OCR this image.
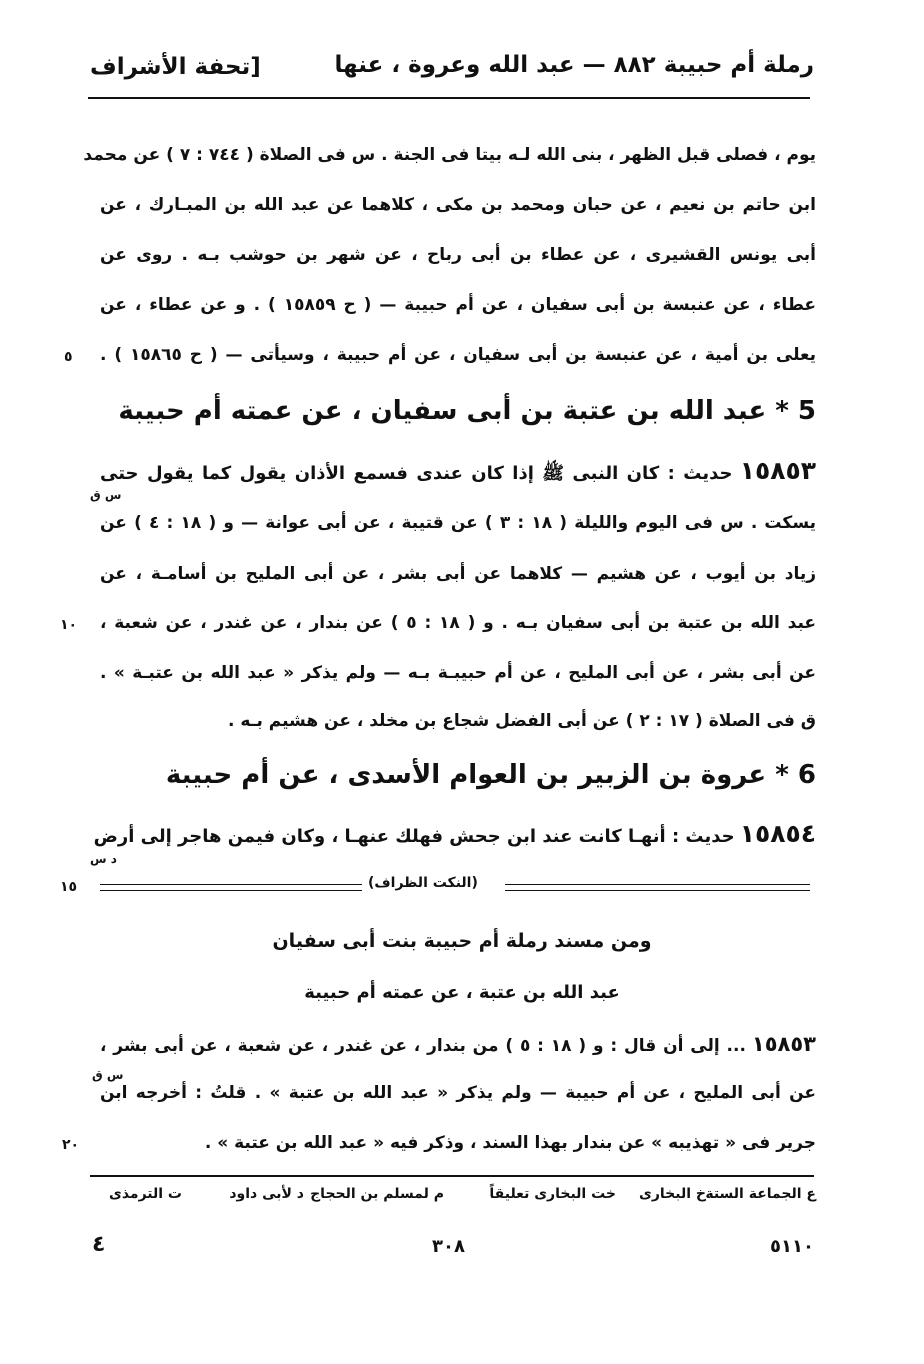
رملة أم حبيبة ٨٨٢ — عبد الله وعروة ، عنها
[تحفة الأشراف
يوم ، فصلى قبل الظهر ، بنى الله لـه بيتا فى الجنة . س فى الصلاة ( ٧٤٤ : ٧ ) عن محمد
ابن حاتم بن نعيم ، عن حبان ومحمد بن مكى ، كلاهما عن عبد الله بن المبـارك ، عن
أبى يونس القشيرى ، عن عطاء بن أبى رباح ، عن شهر بن حوشب بـه . روى عن
عطاء ، عن عنبسة بن أبى سفيان ، عن أم حبيبة — ( ح ١٥٨٥٩ ) . و عن عطاء ، عن
يعلى بن أمية ، عن عنبسة بن أبى سفيان ، عن أم حبيبة ، وسيأتى — ( ح ١٥٨٦٥ ) .
٥
5 * عبد الله بن عتبة بن أبى سفيان ، عن عمته أم حبيبة
١٥٨٥٣ حديث : كان النبى ﷺ إذا كان عندى فسمع الأذان يقول كما يقول حتى
س ق
يسكت . س فى اليوم والليلة ( ١٨ : ٣ ) عن قتيبة ، عن أبى عوانة — و ( ١٨ : ٤ ) عن
زياد بن أيوب ، عن هشيم — كلاهما عن أبى بشر ، عن أبى المليح بن أسامـة ، عن
عبد الله بن عتبة بن أبى سفيان بـه . و ( ١٨ : ٥ ) عن بندار ، عن غندر ، عن شعبة ،
١٠
عن أبى بشر ، عن أبى المليح ، عن أم حبيبـة بـه — ولم يذكر « عبد الله بن عتبـة » .
ق فى الصلاة ( ١٧ : ٢ ) عن أبى الفضل شجاع بن مخلد ، عن هشيم بـه .
6 * عروة بن الزبير بن العوام الأسدى ، عن أم حبيبة
١٥٨٥٤ حديث : أنهـا كانت عند ابن جحش فهلك عنهـا ، وكان فيمن هاجر إلى أرض
د س
(النكت الظراف)
١٥
ومن مسند رملة أم حبيبة بنت أبى سفيان
عبد الله بن عتبة ، عن عمته أم حبيبة
١٥٨٥٣ ... إلى أن قال : و ( ١٨ : ٥ ) من بندار ، عن غندر ، عن شعبة ، عن أبى بشر ،
س ق
عن أبى المليح ، عن أم حبيبة — ولم يذكر « عبد الله بن عتبة » . قلتُ : أخرجه ابن
جرير فى « تهذيبه » عن بندار بهذا السند ، وذكر فيه « عبد الله بن عتبة » .
٢٠
ع الجماعة الستة
خ البخارى
خت البخارى تعليقاً
م لمسلم بن الحجاج
د لأبى داود
ت الترمذى
٥١١٠
٣٠٨
٤
